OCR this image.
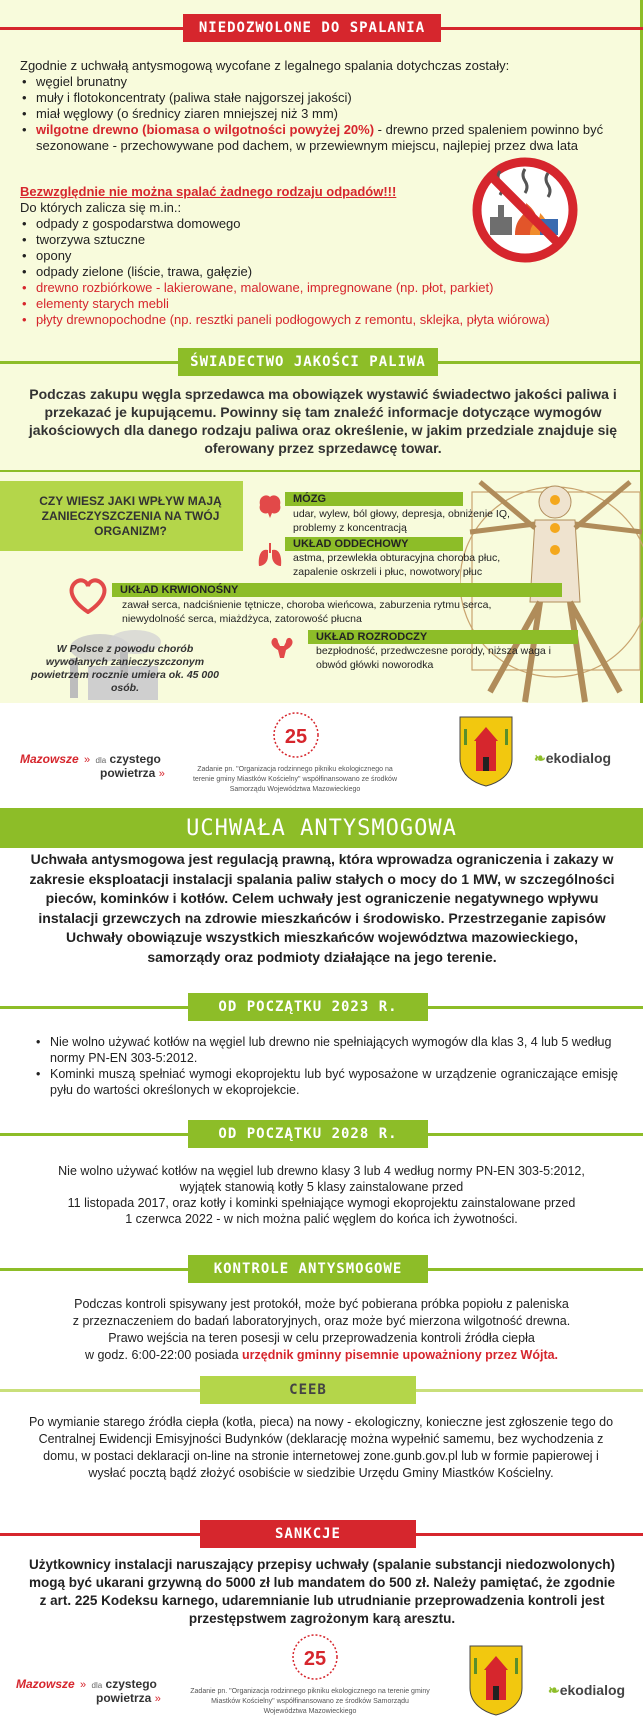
NIEDOZWOLONE DO SPALANIA
Zgodnie z uchwałą antysmogową wycofane z legalnego spalania dotychczas zostały:
• węgiel brunatny
• muły i flotokoncentraty (paliwa stałe najgorszej jakości)
• miał węglowy (o średnicy ziaren mniejszej niż 3 mm)
• wilgotne drewno (biomasa o wilgotności powyżej 20%) - drewno przed spaleniem powinno być sezonowane - przechowywane pod dachem, w przewiewnym miejscu, najlepiej przez dwa lata
Bezwzględnie nie można spalać żadnego rodzaju odpadów!!!
Do których zalicza się m.in.:
• odpady z gospodarstwa domowego
• tworzywa sztuczne
• opony
• odpady zielone (liście, trawa, gałęzie)
• drewno rozbiórkowe - lakierowane, malowane, impregnowane (np. płot, parkiet)
• elementy starych mebli
• płyty drewnopochodne (np. resztki paneli podłogowych z remontu, sklejka, płyta wiórowa)
ŚWIADECTWO JAKOŚCI PALIWA
Podczas zakupu węgla sprzedawca ma obowiązek wystawić świadectwo jakości paliwa i przekazać je kupującemu. Powinny się tam znaleźć informacje dotyczące wymogów jakościowych dla danego rodzaju paliwa oraz określenie, w jakim przedziale znajduje się oferowany przez sprzedawcę towar.
CZY WIESZ JAKI WPŁYW MAJĄ ZANIECZYSZCZENIA NA TWÓJ ORGANIZM?
MÓZG
udar, wylew, ból głowy, depresja, obniżenie IQ, problemy z koncentracją
UKŁAD ODDECHOWY
astma, przewlekła obturacyjna choroba płuc, zapalenie oskrzeli i płuc, nowotwory płuc
UKŁAD KRWIONOŚNY
zawał serca, nadciśnienie tętnicze, choroba wieńcowa, zaburzenia rytmu serca, niewydolność serca, miażdżyca, zatorowość płucna
W Polsce z powodu chorób wywołanych zanieczyszczonym powietrzem rocznie umiera ok. 45 000 osób.
UKŁAD ROZRODCZY
bezpłodność, przedwczesne porody, niższa waga i obwód główki noworodka
Mazowsze » dla czystego
powietrza »
25
Zadanie pn. "Organizacja rodzinnego pikniku ekologicznego na terenie gminy Miastków Kościelny" współfinansowano ze środków Samorządu Województwa Mazowieckiego
❧ekodialog
UCHWAŁA ANTYSMOGOWA
Uchwała antysmogowa jest regulacją prawną, która wprowadza ograniczenia i zakazy w zakresie eksploatacji instalacji spalania paliw stałych o mocy do 1 MW, w szczególności pieców, kominków i kotłów. Celem uchwały jest ograniczenie negatywnego wpływu instalacji grzewczych na zdrowie mieszkańców i środowisko. Przestrzeganie zapisów Uchwały obowiązuje wszystkich mieszkańców województwa mazowieckiego, samorządy oraz podmioty działające na jego terenie.
OD POCZĄTKU 2023 R.
• Nie wolno używać kotłów na węgiel lub drewno nie spełniających wymogów dla klas 3, 4 lub 5 według normy PN-EN 303-5:2012.
• Kominki muszą spełniać wymogi ekoprojektu lub być wyposażone w urządzenie ograniczające emisję pyłu do wartości określonych w ekoprojekcie.
OD POCZĄTKU 2028 R.
Nie wolno używać kotłów na węgiel lub drewno klasy 3 lub 4 według normy PN-EN 303-5:2012,
wyjątek stanowią kotły 5 klasy zainstalowane przed
11 listopada 2017, oraz kotły i kominki spełniające wymogi ekoprojektu zainstalowane przed
1 czerwca 2022 - w nich można palić węglem do końca ich żywotności.
KONTROLE ANTYSMOGOWE
Podczas kontroli spisywany jest protokół, może być pobierana próbka popiołu z paleniska
z przeznaczeniem do badań laboratoryjnych, oraz może być mierzona wilgotność drewna.
Prawo wejścia na teren posesji w celu przeprowadzenia kontroli źródła ciepła
w godz. 6:00-22:00 posiada urzędnik gminny pisemnie upoważniony przez Wójta.
CEEB
Po wymianie starego źródła ciepła (kotła, pieca) na nowy - ekologiczny, konieczne jest zgłoszenie tego do Centralnej Ewidencji Emisyjności Budynków (deklarację można wypełnić samemu, bez wychodzenia z domu, w postaci deklaracji on-line na stronie internetowej zone.gunb.gov.pl lub w formie papierowej i wysłać pocztą bądź złożyć osobiście w siedzibie Urzędu Gminy Miastków Kościelny.
SANKCJE
Użytkownicy instalacji naruszający przepisy uchwały (spalanie substancji niedozwolonych) mogą być ukarani grzywną do 5000 zł lub mandatem do 500 zł. Należy pamiętać, że zgodnie z art. 225 Kodeksu karnego, udaremnianie lub utrudnianie przeprowadzenia kontroli jest przestępstwem zagrożonym karą aresztu.
Mazowsze » dla czystego
powietrza »
25
Zadanie pn. "Organizacja rodzinnego pikniku ekologicznego na terenie gminy Miastków Kościelny" współfinansowano ze środków Samorządu Województwa Mazowieckiego
❧ekodialog
